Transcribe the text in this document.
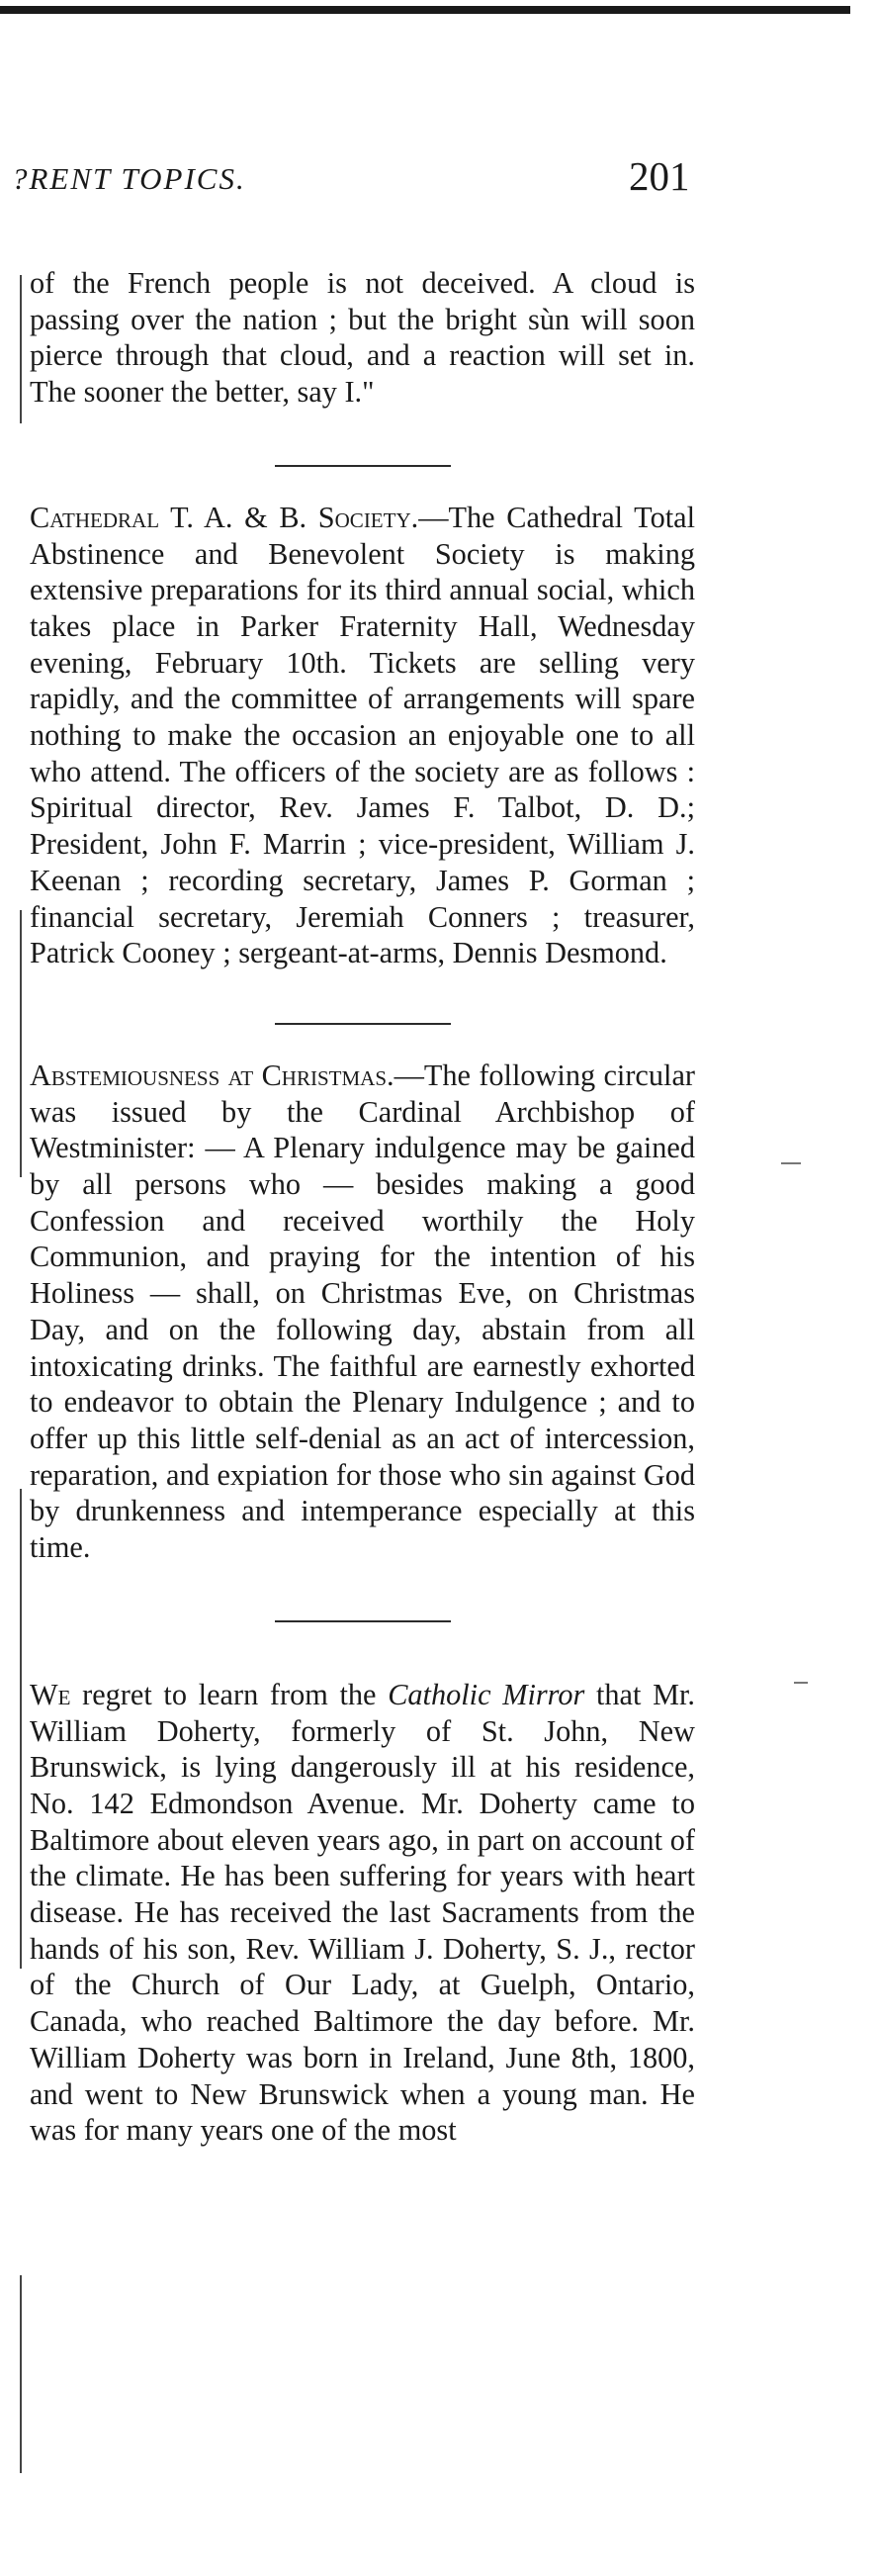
?RENT TOPICS.	201

of the French people is not deceived. A cloud is passing over the nation ; but the bright sùn will soon pierce through that cloud, and a reaction will set in. The sooner the better, say I."

Cathedral T. A. & B. Society.—The Cathedral Total Abstinence and Benevolent Society is making extensive preparations for its third annual social, which takes place in Parker Fraternity Hall, Wednesday evening, February 10th. Tickets are selling very rapidly, and the committee of arrangements will spare nothing to make the occasion an enjoyable one to all who attend. The officers of the society are as follows : Spiritual director, Rev. James F. Talbot, D. D.; President, John F. Marrin ; vice-president, William J. Keenan ; recording secretary, James P. Gorman ; financial secretary, Jeremiah Conners ; treasurer, Patrick Cooney ; sergeant-at-arms, Dennis Desmond.

Abstemiousness at Christmas.—The following circular was issued by the Cardinal Archbishop of Westminister: — A Plenary indulgence may be gained by all persons who — besides making a good Confession and received worthily the Holy Communion, and praying for the intention of his Holiness — shall, on Christmas Eve, on Christmas Day, and on the following day, abstain from all intoxicating drinks. The faithful are earnestly exhorted to endeavor to obtain the Plenary Indulgence ; and to offer up this little self-denial as an act of intercession, reparation, and expiation for those who sin against God by drunkenness and intemperance especially at this time.

We regret to learn from the Catholic Mirror that Mr. William Doherty, formerly of St. John, New Brunswick, is lying dangerously ill at his residence, No. 142 Edmondson Avenue. Mr. Doherty came to Baltimore about eleven years ago, in part on account of the climate. He has been suffering for years with heart disease. He has received the last Sacraments from the hands of his son, Rev. William J. Doherty, S. J., rector of the Church of Our Lady, at Guelph, Ontario, Canada, who reached Baltimore the day before. Mr. William Doherty was born in Ireland, June 8th, 1800, and went to New Brunswick when a young man. He was for many years one of the most
